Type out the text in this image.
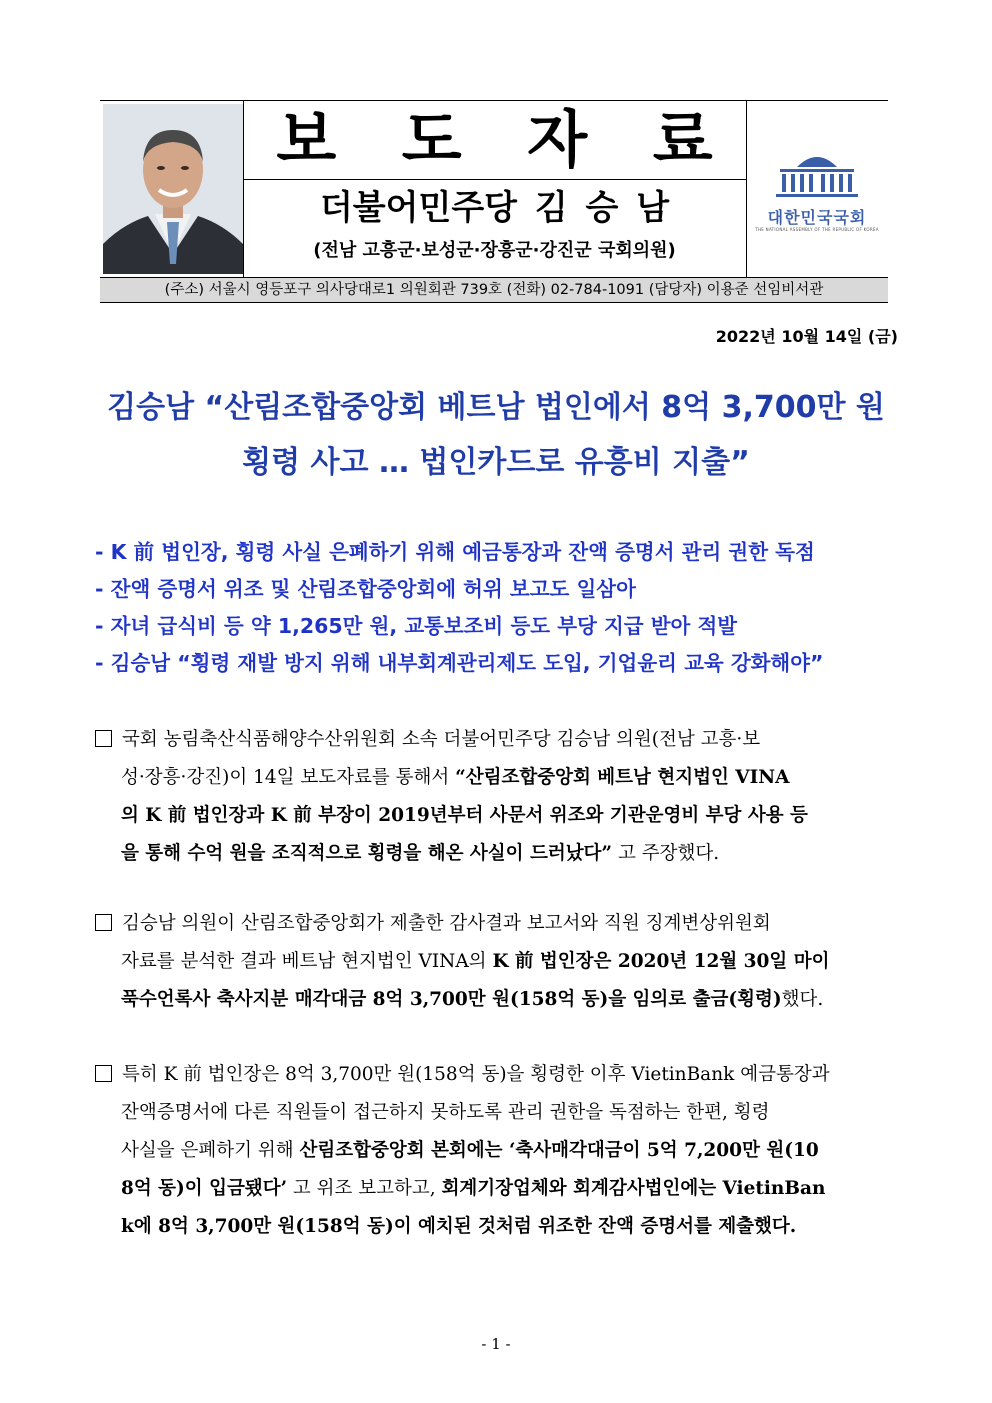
보 도 자 료
더불어민주당 김 승 남
(전남 고흥군·보성군·장흥군·강진군 국회의원)
대한민국국회
THE NATIONAL ASSEMBLY OF THE REPUBLIC OF KOREA
(주소) 서울시 영등포구 의사당대로1 의원회관 739호 (전화) 02-784-1091 (담당자) 이용준 선임비서관
2022년 10월 14일 (금)
김승남 “산림조합중앙회 베트남 법인에서 8억 3,700만 원
횡령 사고 … 법인카드로 유흥비 지출”
- K 前 법인장, 횡령 사실 은폐하기 위해 예금통장과 잔액 증명서 관리 권한 독점
- 잔액 증명서 위조 및 산림조합중앙회에 허위 보고도 일삼아
- 자녀 급식비 등 약 1,265만 원, 교통보조비 등도 부당 지급 받아 적발
- 김승남 “횡령 재발 방지 위해 내부회계관리제도 도입, 기업윤리 교육 강화해야”
국회 농림축산식품해양수산위원회 소속 더불어민주당 김승남 의원(전남 고흥·보
성·장흥·강진)이 14일 보도자료를 통해서 “산림조합중앙회 베트남 현지법인 VINA
의 K 前 법인장과 K 前 부장이 2019년부터 사문서 위조와 기관운영비 부당 사용 등
을 통해 수억 원을 조직적으로 횡령을 해온 사실이 드러났다” 고 주장했다.
김승남 의원이 산림조합중앙회가 제출한 감사결과 보고서와 직원 징계변상위원회
자료를 분석한 결과 베트남 현지법인 VINA의 K 前 법인장은 2020년 12월 30일 마이
푹수언록사 축사지분 매각대금 8억 3,700만 원(158억 동)을 임의로 출금(횡령)했다.
특히 K 前 법인장은 8억 3,700만 원(158억 동)을 횡령한 이후 VietinBank 예금통장과
잔액증명서에 다른 직원들이 접근하지 못하도록 관리 권한을 독점하는 한편, 횡령
사실을 은폐하기 위해 산림조합중앙회 본회에는 ‘축사매각대금이 5억 7,200만 원(10
8억 동)이 입금됐다’ 고 위조 보고하고, 회계기장업체와 회계감사법인에는 VietinBan
k에 8억 3,700만 원(158억 동)이 예치된 것처럼 위조한 잔액 증명서를 제출했다.
- 1 -
